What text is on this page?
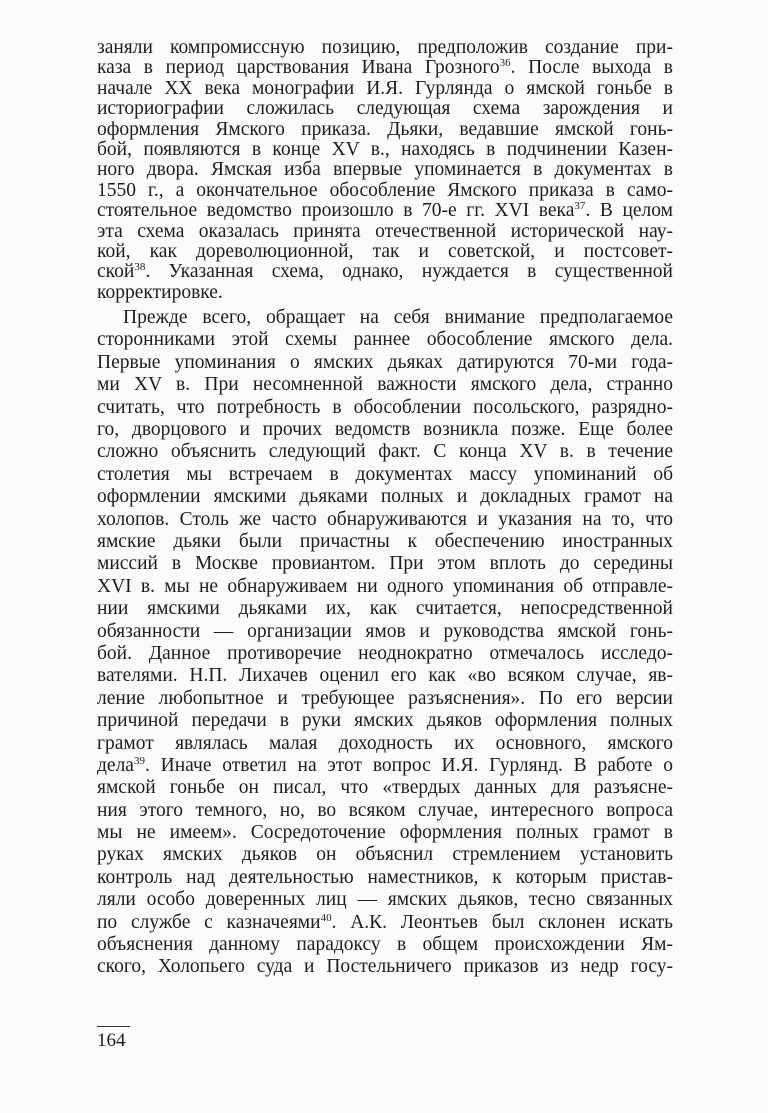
заняли компромиссную позицию, предположив создание при-
каза в период царствования Ивана Грозного$^{36}$. После выхода в
начале XX века монографии И.Я. Гурлянда о ямской гоньбе в
историографии сложилась следующая схема зарождения и
оформления Ямского приказа. Дьяки, ведавшие ямской гонь-
бой, появляются в конце XV в., находясь в подчинении Казен-
ного двора. Ямская изба впервые упоминается в документах в
1550 г., а окончательное обособление Ямского приказа в само-
стоятельное ведомство произошло в 70-е гг. XVI века$^{37}$. В целом
эта схема оказалась принята отечественной исторической нау-
кой, как дореволюционной, так и советской, и постсовет-
ской$^{38}$. Указанная схема, однако, нуждается в существенной
корректировке.
Прежде всего, обращает на себя внимание предполагаемое
сторонниками этой схемы раннее обособление ямского дела.
Первые упоминания о ямских дьяках датируются 70-ми года-
ми XV в. При несомненной важности ямского дела, странно
считать, что потребность в обособлении посольского, разрядно-
го, дворцового и прочих ведомств возникла позже. Еще более
сложно объяснить следующий факт. С конца XV в. в течение
столетия мы встречаем в документах массу упоминаний об
оформлении ямскими дьяками полных и докладных грамот на
холопов. Столь же часто обнаруживаются и указания на то, что
ямские дьяки были причастны к обеспечению иностранных
миссий в Москве провиантом. При этом вплоть до середины
XVI в. мы не обнаруживаем ни одного упоминания об отправле-
нии ямскими дьяками их, как считается, непосредственной
обязанности — организации ямов и руководства ямской гонь-
бой. Данное противоречие неоднократно отмечалось исследо-
вателями. Н.П. Лихачев оценил его как «во всяком случае, яв-
ление любопытное и требующее разъяснения». По его версии
причиной передачи в руки ямских дьяков оформления полных
грамот являлась малая доходность их основного, ямского
дела$^{39}$. Иначе ответил на этот вопрос И.Я. Гурлянд. В работе о
ямской гоньбе он писал, что «твердых данных для разъясне-
ния этого темного, но, во всяком случае, интересного вопроса
мы не имеем». Сосредоточение оформления полных грамот в
руках ямских дьяков он объяснил стремлением установить
контроль над деятельностью наместников, к которым пристав-
ляли особо доверенных лиц — ямских дьяков, тесно связанных
по службе с казначеями$^{40}$. А.К. Леонтьев был склонен искать
объяснения данному парадоксу в общем происхождении Ям-
ского, Холопьего суда и Постельничего приказов из недр госу-
164
